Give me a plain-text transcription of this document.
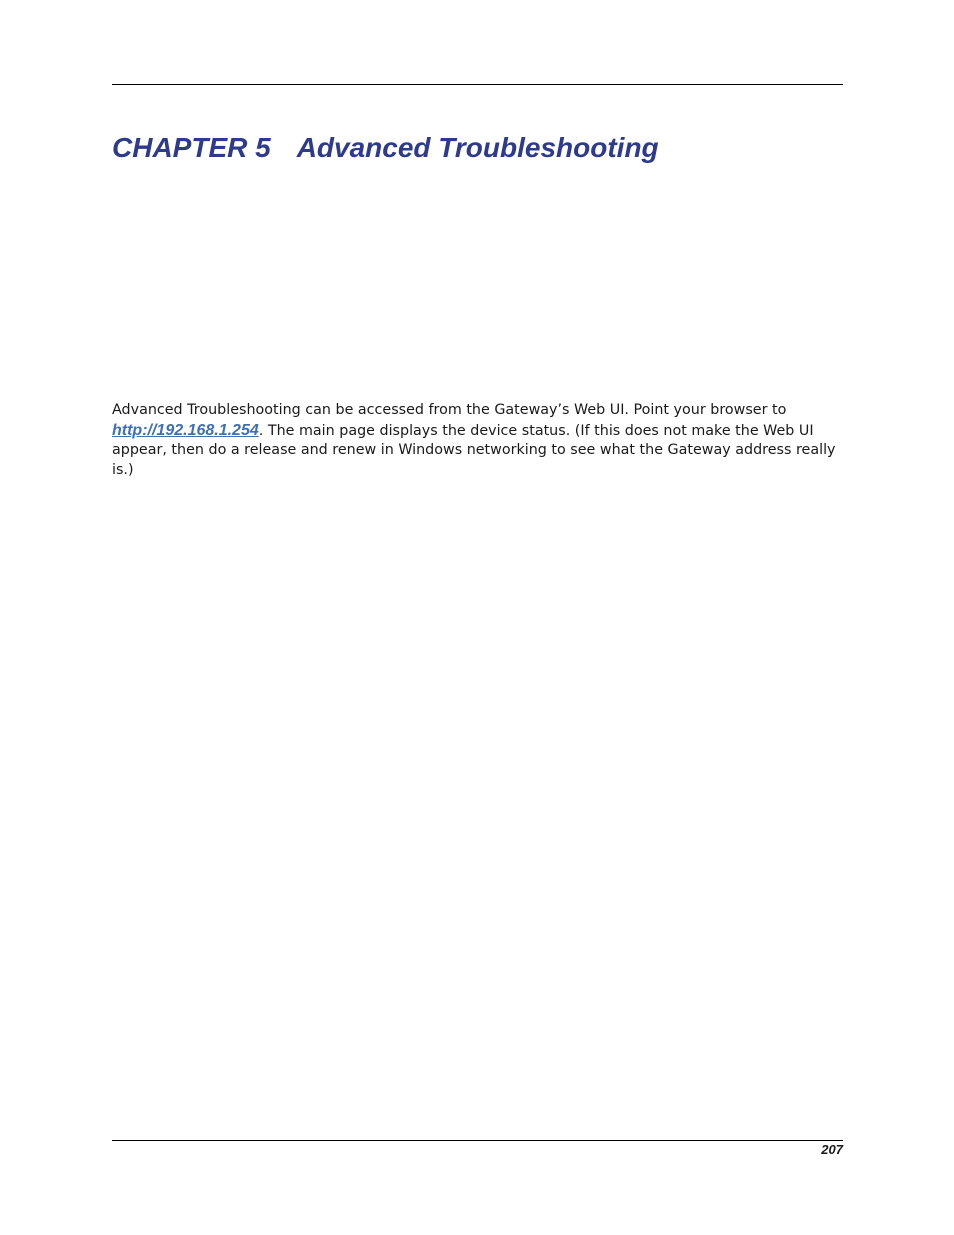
CHAPTER 5 Advanced Troubleshooting

Advanced Troubleshooting can be accessed from the Gateway’s Web UI. Point your browser to http://192.168.1.254. The main page displays the device status. (If this does not make the Web UI appear, then do a release and renew in Windows networking to see what the Gateway address really is.)

207
